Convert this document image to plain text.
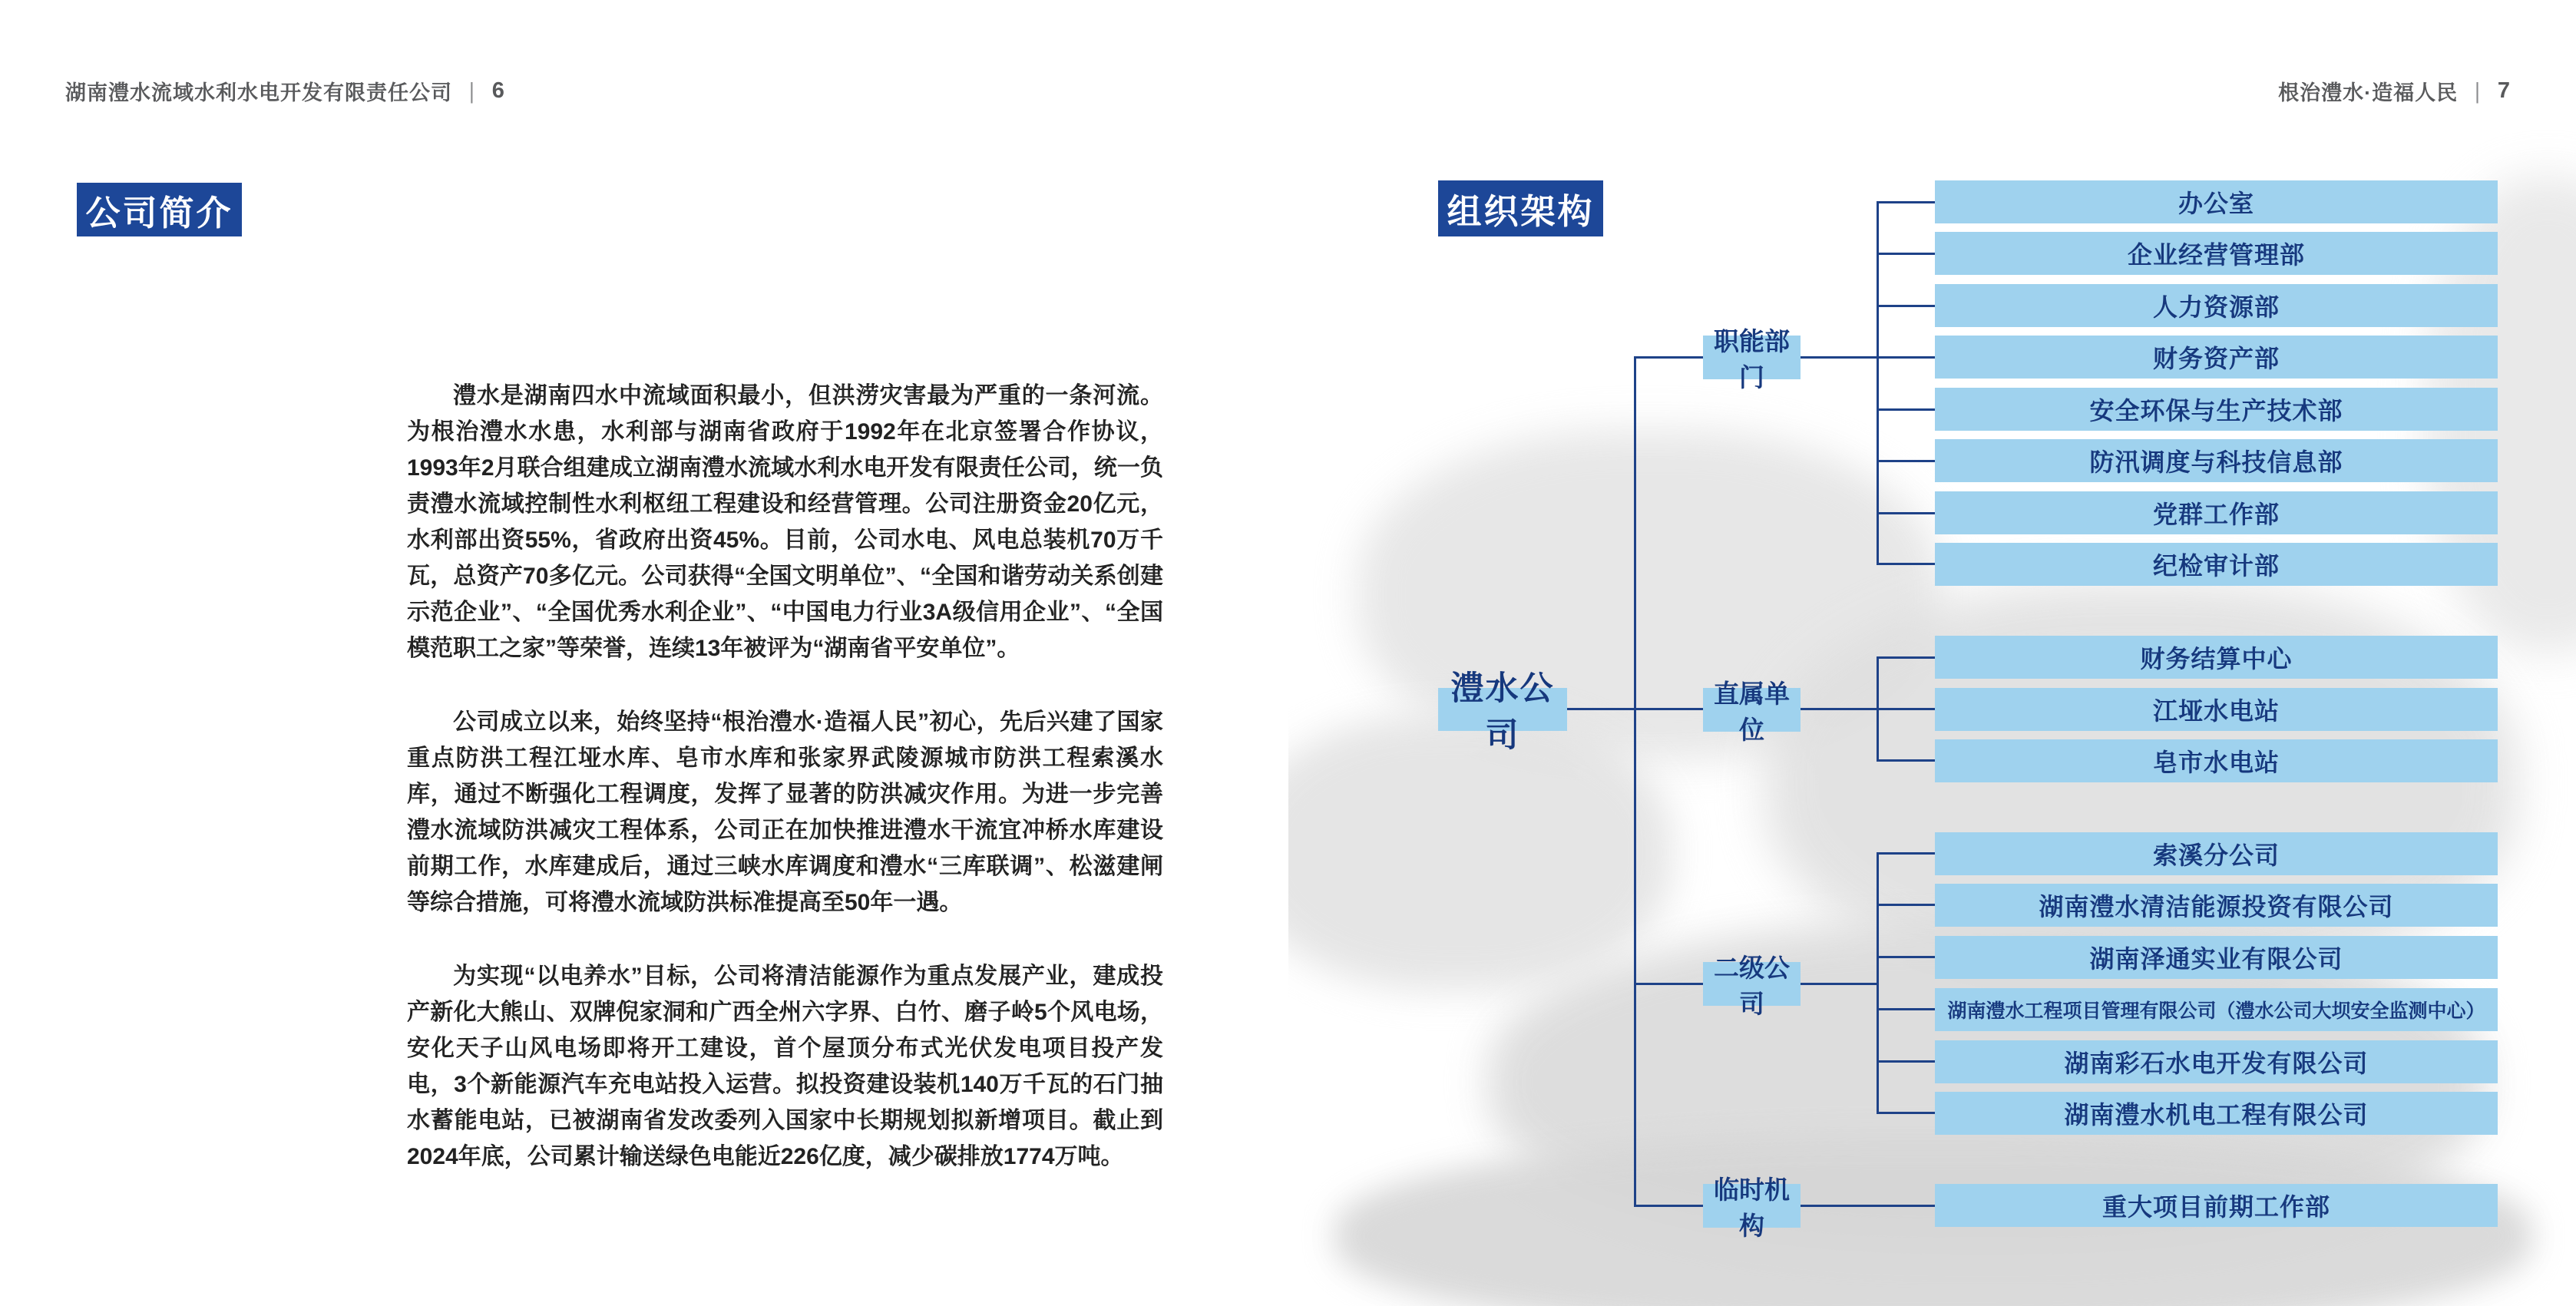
湖南澧水流域水利水电开发有限责任公司 | 6
公司简介

澧水是湖南四水中流域面积最小，但洪涝灾害最为严重的一条河流。为根治澧水水患，水利部与湖南省政府于1992年在北京签署合作协议，1993年2月联合组建成立湖南澧水流域水利水电开发有限责任公司，统一负责澧水流域控制性水利枢纽工程建设和经营管理。公司注册资金20亿元，水利部出资55%，省政府出资45%。目前，公司水电、风电总装机70万千瓦，总资产70多亿元。公司获得“全国文明单位”、“全国和谐劳动关系创建示范企业”、“全国优秀水利企业”、“中国电力行业3A级信用企业”、“全国模范职工之家”等荣誉，连续13年被评为“湖南省平安单位”。

公司成立以来，始终坚持“根治澧水·造福人民”初心，先后兴建了国家重点防洪工程江垭水库、皂市水库和张家界武陵源城市防洪工程索溪水库，通过不断强化工程调度，发挥了显著的防洪减灾作用。为进一步完善澧水流域防洪减灾工程体系，公司正在加快推进澧水干流宜冲桥水库建设前期工作，水库建成后，通过三峡水库调度和澧水“三库联调”、松滋建闸等综合措施，可将澧水流域防洪标准提高至50年一遇。

为实现“以电养水”目标，公司将清洁能源作为重点发展产业，建成投产新化大熊山、双牌倪家洞和广西全州六字界、白竹、磨子岭5个风电场，安化天子山风电场即将开工建设，首个屋顶分布式光伏发电项目投产发电，3个新能源汽车充电站投入运营。拟投资建设装机140万千瓦的石门抽水蓄能电站，已被湖南省发改委列入国家中长期规划拟新增项目。截止到2024年底，公司累计输送绿色电能近226亿度，减少碳排放1774万吨。

根治澧水·造福人民 | 7
组织架构
澧水公司
职能部门
直属单位
二级公司
临时机构
办公室
企业经营管理部
人力资源部
财务资产部
安全环保与生产技术部
防汛调度与科技信息部
党群工作部
纪检审计部
财务结算中心
江垭水电站
皂市水电站
索溪分公司
湖南澧水清洁能源投资有限公司
湖南泽通实业有限公司
湖南澧水工程项目管理有限公司（澧水公司大坝安全监测中心）
湖南彩石水电开发有限公司
湖南澧水机电工程有限公司
重大项目前期工作部
